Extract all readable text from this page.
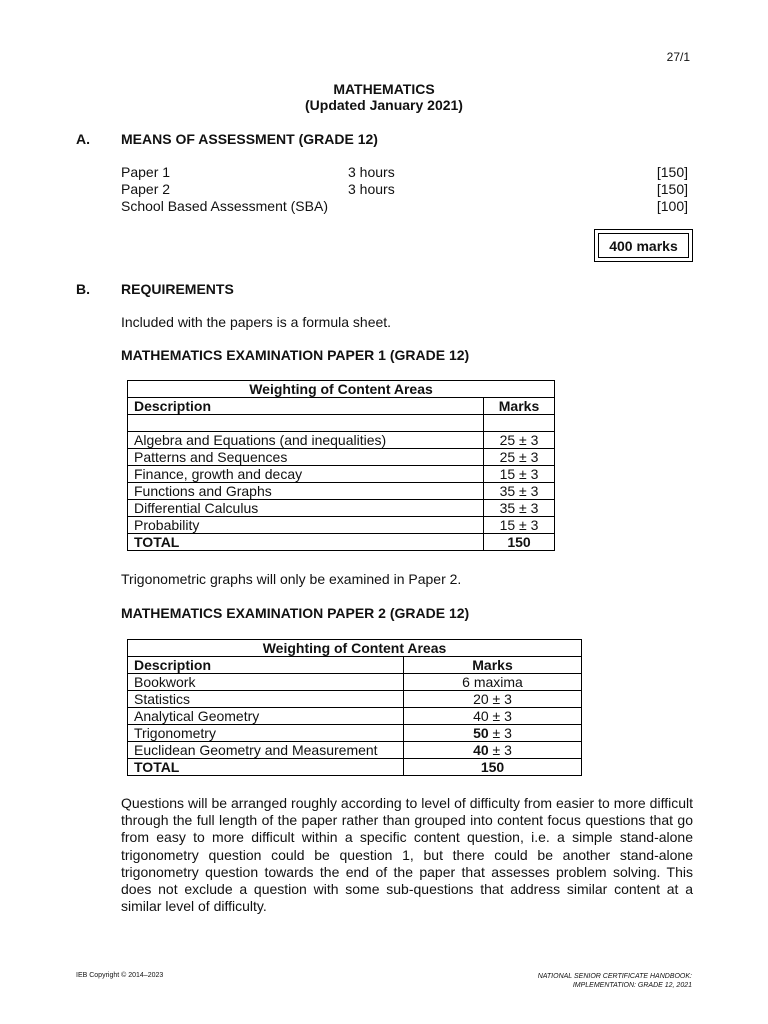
27/1
MATHEMATICS
(Updated January 2021)
A. MEANS OF ASSESSMENT (GRADE 12)
Paper 1	3 hours	[150]
Paper 2	3 hours	[150]
School Based Assessment (SBA)	[100]
400 marks
B. REQUIREMENTS
Included with the papers is a formula sheet.
MATHEMATICS EXAMINATION PAPER 1 (GRADE 12)
Weighting of Content Areas	
Description	Marks

Algebra and Equations (and inequalities)	25 ± 3
Patterns and Sequences	25 ± 3
Finance, growth and decay	15 ± 3
Functions and Graphs	35 ± 3
Differential Calculus	35 ± 3
Probability	15 ± 3
TOTAL	150
Trigonometric graphs will only be examined in Paper 2.
MATHEMATICS EXAMINATION PAPER 2 (GRADE 12)
Weighting of Content Areas	
Description	Marks
Bookwork	6 maxima
Statistics	20 ± 3
Analytical Geometry	40 ± 3
Trigonometry	50 ± 3
Euclidean Geometry and Measurement	40 ± 3
TOTAL	150
Questions will be arranged roughly according to level of difficulty from easier to more difficult through the full length of the paper rather than grouped into content focus questions that go from easy to more difficult within a specific content question, i.e. a simple stand-alone trigonometry question could be question 1, but there could be another stand-alone trigonometry question towards the end of the paper that assesses problem solving. This does not exclude a question with some sub-questions that address similar content at a similar level of difficulty.
IEB Copyright © 2014–2023	NATIONAL SENIOR CERTIFICATE HANDBOOK:
IMPLEMENTATION: GRADE 12, 2021
